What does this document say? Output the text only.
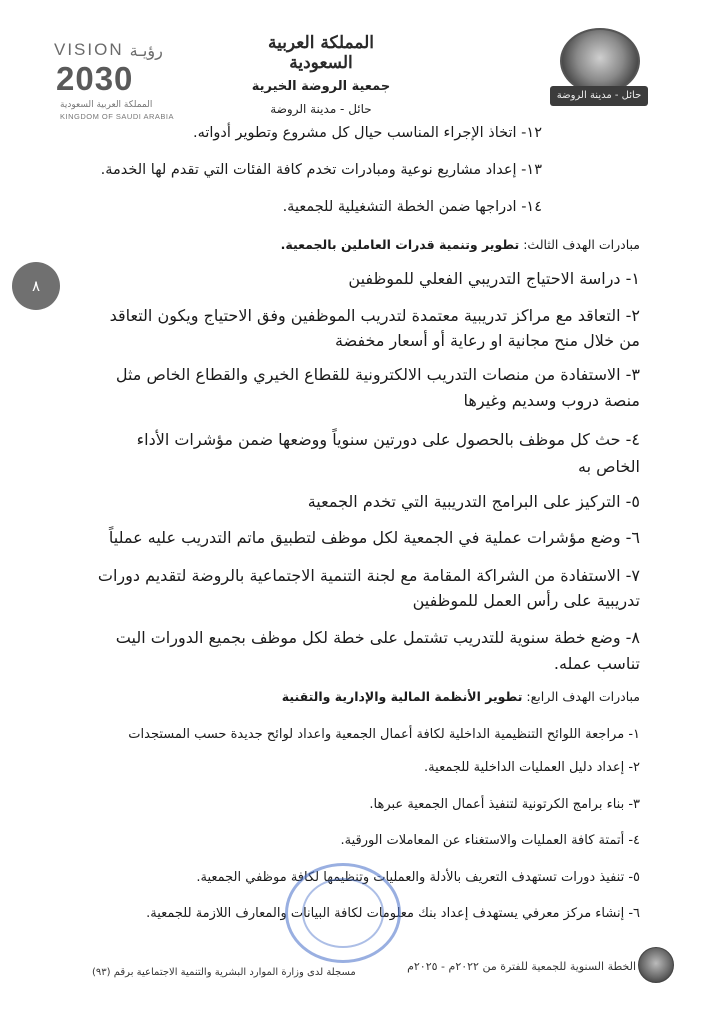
VISION رؤيـة
2030
المملكة العربية السعودية
KINGDOM OF SAUDI ARABIA
المملكة العربية السعودية
جمعية الروضة الخيرية
حائل - مدينة الروضة
حائل - مدينة الروضة
٨
١٢- اتخاذ الإجراء المناسب حيال كل مشروع وتطوير أدواته.
١٣- إعداد مشاريع نوعية ومبادرات تخدم كافة الفئات التي تقدم لها الخدمة.
١٤- ادراجها ضمن الخطة التشغيلية للجمعية.
مبادرات الهدف الثالث: تطوير وتنمية قدرات العاملين بالجمعية.
١- دراسة الاحتياج التدريبي الفعلي للموظفين
٢- التعاقد مع مراكز تدريبية معتمدة لتدريب الموظفين وفق الاحتياج ويكون التعاقد
من خلال منح مجانية او رعاية أو أسعار مخفضة
٣- الاستفادة من منصات التدريب الالكترونية للقطاع الخيري والقطاع الخاص مثل
منصة دروب وسديم وغيرها
٤- حث كل موظف بالحصول على دورتين سنوياً ووضعها ضمن مؤشرات الأداء
الخاص به
٥- التركيز على البرامج التدريبية التي تخدم الجمعية
٦- وضع مؤشرات عملية في الجمعية لكل موظف لتطبيق ماتم التدريب عليه عملياً
٧- الاستفادة من الشراكة المقامة مع لجنة التنمية الاجتماعية بالروضة لتقديم دورات
تدريبية على رأس العمل للموظفين
٨- وضع خطة سنوية للتدريب تشتمل على خطة لكل موظف بجميع الدورات اليت
تناسب عمله.
مبادرات الهدف الرابع: تطوير الأنظمة المالية والإدارية والتقنية
١- مراجعة اللوائح التنظيمية الداخلية لكافة أعمال الجمعية واعداد لوائح جديدة حسب المستجدات
٢- إعداد دليل العمليات الداخلية للجمعية.
٣- بناء برامج الكرتونية لتنفيذ أعمال الجمعية عبرها.
٤- أتمتة كافة العمليات والاستغناء عن المعاملات الورقية.
٥- تنفيذ دورات تستهدف التعريف بالأدلة والعمليات وتنظيمها لكافة موظفي الجمعية.
٦- إنشاء مركز معرفي يستهدف إعداد بنك معلومات لكافة البيانات والمعارف اللازمة للجمعية.
مسجلة لدى وزارة الموارد البشرية والتنمية الاجتماعية برقم (٩٣)	الخطة السنوية للجمعية للفترة من ٢٠٢٢م - ٢٠٢٥م
